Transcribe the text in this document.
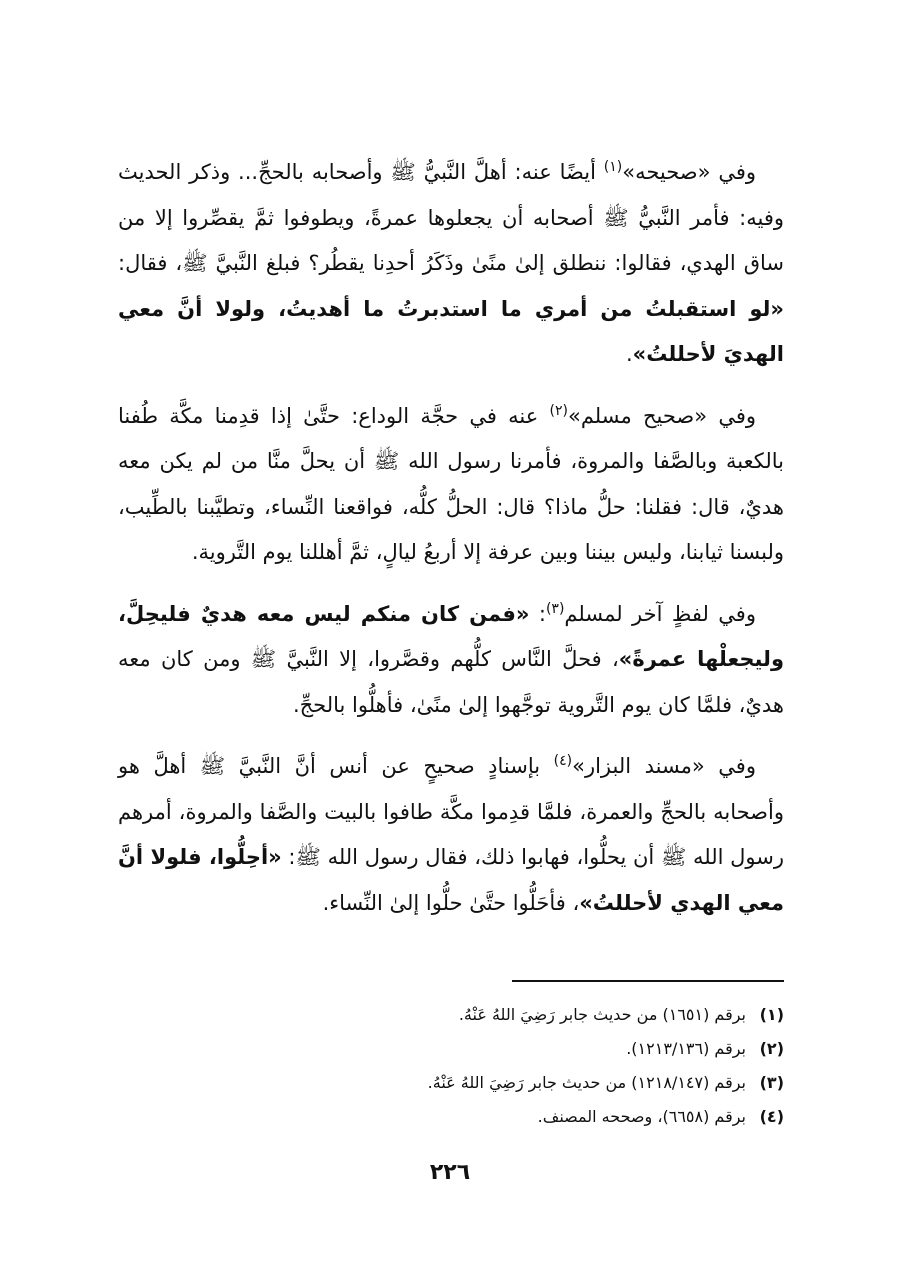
وفي «صحيحه»$^{(١)}$ أيضًا عنه: أهلَّ النَّبيُّ ﷺ وأصحابه بالحجِّ... وذكر الحديث وفيه: فأمر النَّبيُّ ﷺ أصحابه أن يجعلوها عمرةً، ويطوفوا ثمَّ يقصِّروا إلا من ساق الهدي، فقالوا: ننطلق إلىٰ منًىٰ وذَكَرُ أحدِنا يقطُر؟ فبلغ النَّبيَّ ﷺ، فقال: «لو استقبلتُ من أمري ما استدبرتُ ما أهديتُ، ولولا أنَّ معي الهديَ لأحللتُ».

وفي «صحيح مسلم»$^{(٢)}$ عنه في حجَّة الوداع: حتَّىٰ إذا قدِمنا مكَّة طُفنا بالكعبة وبالصَّفا والمروة، فأمرنا رسول الله ﷺ أن يحلَّ منَّا من لم يكن معه هديٌ، قال: فقلنا: حلُّ ماذا؟ قال: الحلُّ كلُّه، فواقعنا النِّساء، وتطيَّبنا بالطِّيب، ولبسنا ثيابنا، وليس بيننا وبين عرفة إلا أربعُ ليالٍ، ثمَّ أهللنا يوم التَّروية.

وفي لفظٍ آخر لمسلم$^{(٣)}$: «فمن كان منكم ليس معه هديٌ فليحِلَّ، وليجعلْها عمرةً»، فحلَّ النَّاس كلُّهم وقصَّروا، إلا النَّبيَّ ﷺ ومن كان معه هديٌ، فلمَّا كان يوم التَّروية توجَّهوا إلىٰ منًىٰ، فأهلُّوا بالحجِّ.

وفي «مسند البزار»$^{(٤)}$ بإسنادٍ صحيحٍ عن أنس أنَّ النَّبيَّ ﷺ أهلَّ هو وأصحابه بالحجِّ والعمرة، فلمَّا قدِموا مكَّة طافوا بالبيت والصَّفا والمروة، أمرهم رسول الله ﷺ أن يحلُّوا، فهابوا ذلك، فقال رسول الله ﷺ: «أحِلُّوا، فلولا أنَّ معي الهدي لأحللتُ»، فأحَلُّوا حتَّىٰ حلُّوا إلىٰ النِّساء.

(١)برقم (١٦٥١) من حديث جابر رَضِيَ اللهُ عَنْهُ.
(٢)برقم (١٢١٣/١٣٦).
(٣)برقم (١٢١٨/١٤٧) من حديث جابر رَضِيَ اللهُ عَنْهُ.
(٤)برقم (٦٦٥٨)، وصححه المصنف.
٢٢٦
